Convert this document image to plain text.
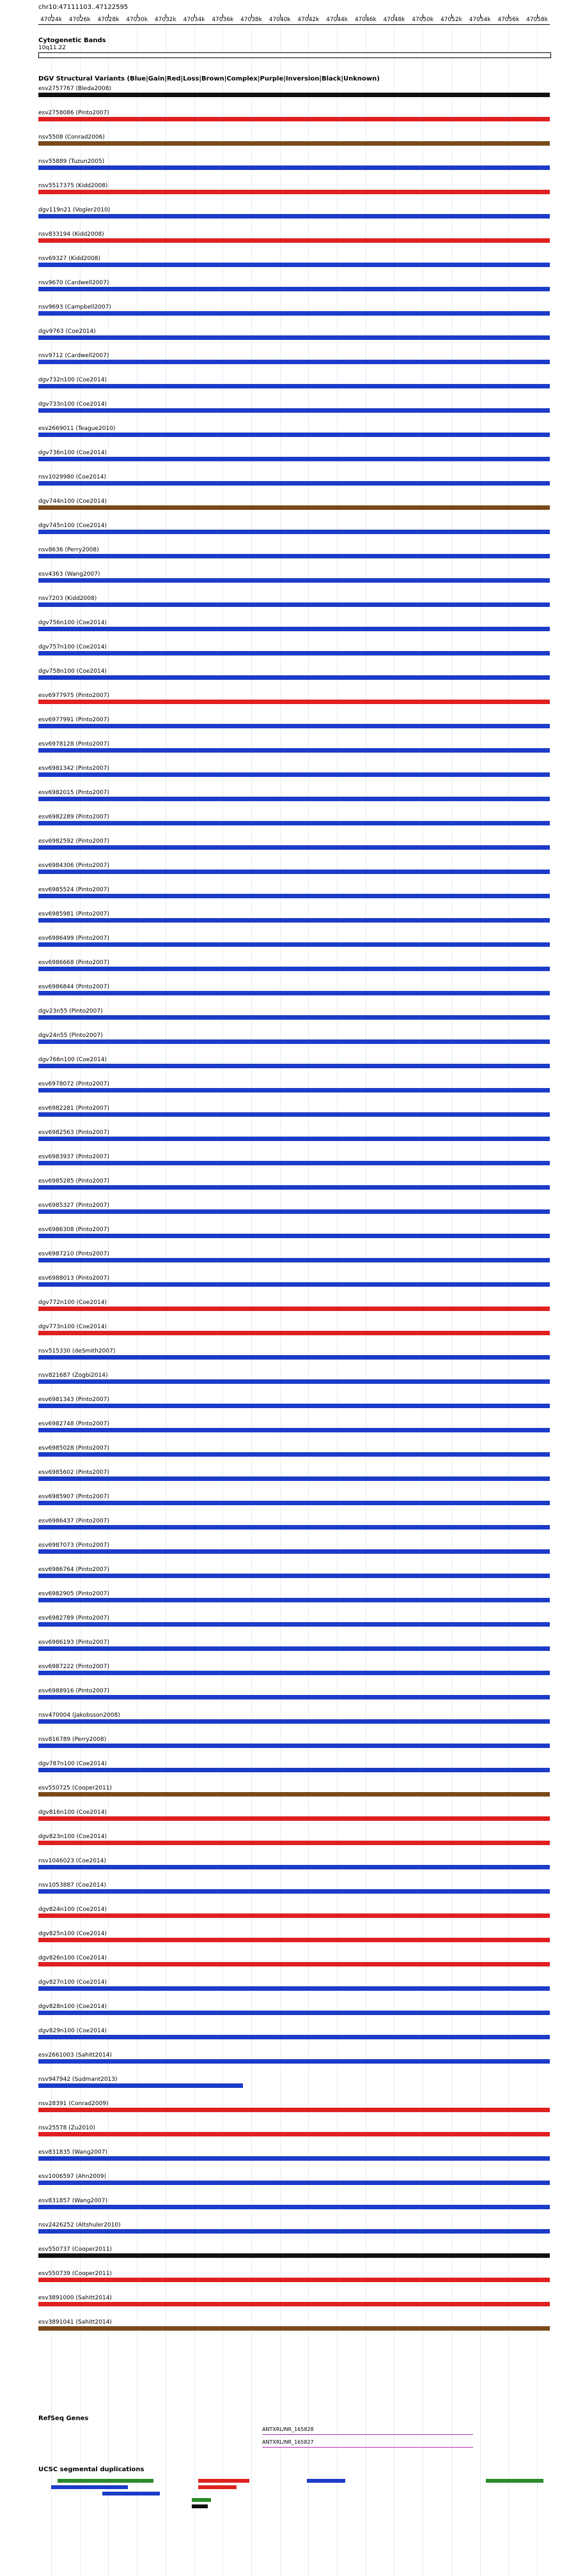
chr10:47111103..47122595
47024k 47026k 47028k 47030k 47032k 47034k 47036k 47038k 47040k 47042k 47044k 47046k 47048k 47050k 47052k 47054k 47056k 47058k
Cytogenetic Bands
10q11.22
DGV Structural Variants (Blue|Gain|Red|Loss|Brown|Complex|Purple|Inversion|Black|Unknown)
esv2757767 (Bleda2008)
esv2758086 (Pinto2007)
nsv5508 (Conrad2006)
nsv55889 (Tuzun2005)
nsv5517375 (Kidd2008)
dgv119n21 (Vogler2010)
nsv833194 (Kidd2008)
nsv69327 (Kidd2008)
nsv9670 (Cardwell2007)
nsv9693 (Campbell2007)
dgv9763 (Coe2014)
nsv9712 (Cardwell2007)
dgv732n100 (Coe2014)
dgv733n100 (Coe2014)
esv2669011 (Teague2010)
dgv736n100 (Coe2014)
nsv1029980 (Coe2014)
dgv744n100 (Coe2014)
dgv745n100 (Coe2014)
nsv8636 (Perry2008)
esv4363 (Wang2007)
nsv7203 (Kidd2008)
dgv756n100 (Coe2014)
dgv757n100 (Coe2014)
dgv758n100 (Coe2014)
esv6977975 (Pinto2007)
esv6977991 (Pinto2007)
esv6978128 (Pinto2007)
esv6981342 (Pinto2007)
esv6982015 (Pinto2007)
esv6982289 (Pinto2007)
esv6982592 (Pinto2007)
esv6984306 (Pinto2007)
esv6985524 (Pinto2007)
esv6985981 (Pinto2007)
esv6986499 (Pinto2007)
esv6986668 (Pinto2007)
esv6986844 (Pinto2007)
dgv23n55 (Pinto2007)
dgv24n55 (Pinto2007)
dgv766n100 (Coe2014)
esv6978072 (Pinto2007)
esv6982281 (Pinto2007)
esv6982563 (Pinto2007)
esv6983937 (Pinto2007)
esv6985285 (Pinto2007)
esv6985327 (Pinto2007)
esv6986308 (Pinto2007)
esv6987210 (Pinto2007)
esv6988013 (Pinto2007)
dgv772n100 (Coe2014)
dgv773n100 (Coe2014)
nsv515330 (deSmith2007)
nsv821687 (Zogbi2014)
esv6981343 (Pinto2007)
esv6982748 (Pinto2007)
esv6985028 (Pinto2007)
esv6985602 (Pinto2007)
esv6985907 (Pinto2007)
esv6986437 (Pinto2007)
esv6987073 (Pinto2007)
esv6986764 (Pinto2007)
esv6982905 (Pinto2007)
esv6982789 (Pinto2007)
esv6986193 (Pinto2007)
esv6987222 (Pinto2007)
esv6988916 (Pinto2007)
nsv470004 (Jakobsson2008)
nsv816789 (Perry2008)
dgv787n100 (Coe2014)
esv550725 (Cooper2011)
dgv816n100 (Coe2014)
dgv823n100 (Coe2014)
nsv1046023 (Coe2014)
nsv1053887 (Coe2014)
dgv824n100 (Coe2014)
dgv825n100 (Coe2014)
dgv826n100 (Coe2014)
dgv827n100 (Coe2014)
dgv828n100 (Coe2014)
dgv829n100 (Coe2014)
esv2661003 (Sahitt2014)
nsv947942 (Sudmant2013)
nsv28391 (Conrad2009)
nsv25578 (Zu2010)
esv831835 (Wang2007)
esv1006597 (Ahn2009)
esv831857 (Wang2007)
nsv2426252 (Altshuler2010)
esv550737 (Cooper2011)
esv550739 (Cooper2011)
esv3891000 (Sahitt2014)
esv3891041 (Sahitt2014)
RefSeq Genes
ANTXRL/NR_165828
ANTXRL/NR_165827
UCSC segmental duplications
